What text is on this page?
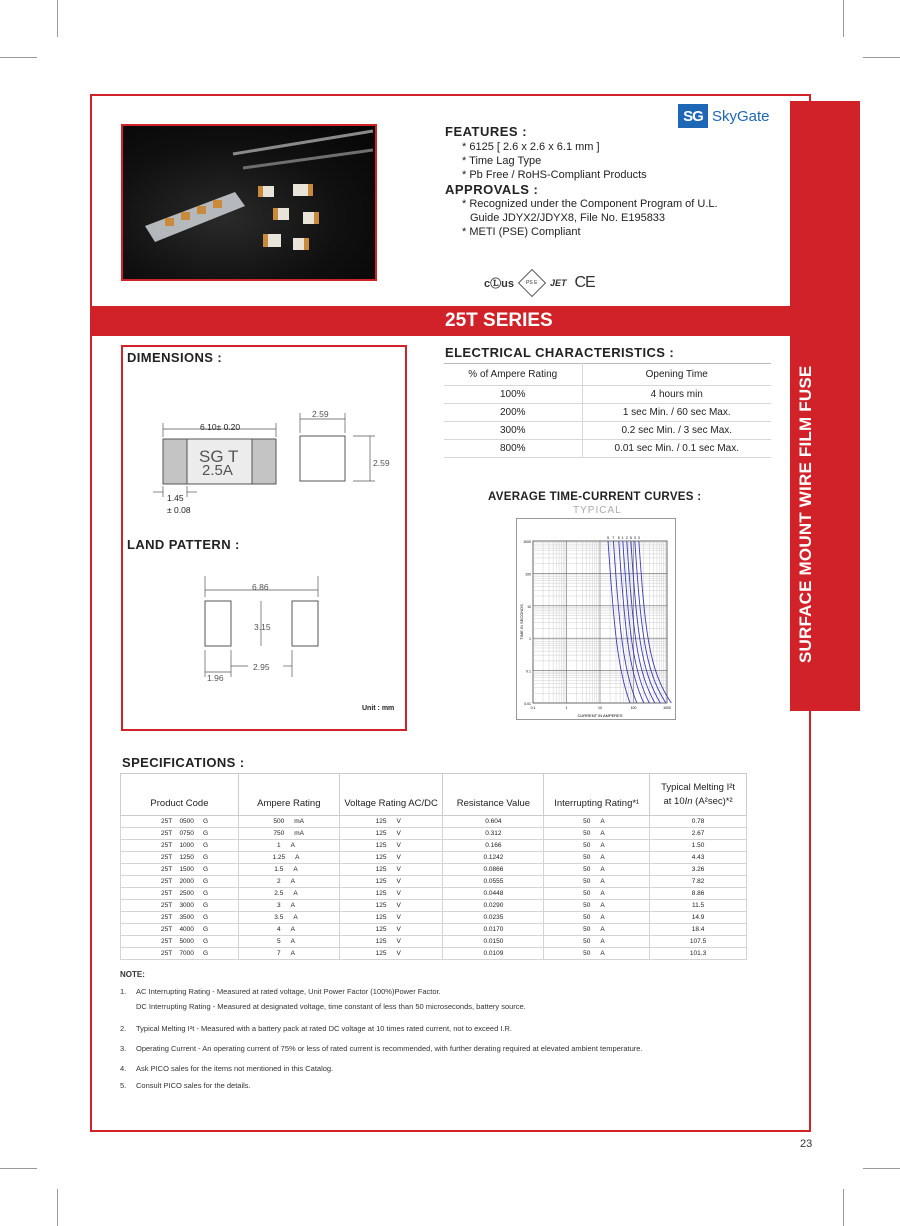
SG SkyGate
SURFACE MOUNT WIRE FILM FUSE
FEATURES :
* 6125 [ 2.6 x 2.6 x 6.1 mm ]
* Time Lag Type
* Pb Free / RoHS-Compliant Products
APPROVALS :
* Recognized under the Component Program of U.L.
Guide JDYX2/JDYX8, File No. E195833
* METI (PSE) Compliant
cⓁus PS E JET CE
25T SERIES
DIMENSIONS :
6.10± 0.20
SG T
2.5A
1.45
± 0.08
2.59
2.59
LAND PATTERN :
6.86
3.15
2.95
1.96
Unit : mm
ELECTRICAL CHARACTERISTICS :
% of Ampere Rating	Opening Time
100%	4 hours min
200%	1 sec Min. / 60 sec Max.
300%	0.2 sec Min. / 3 sec Max.
800%	0.01 sec Min. / 0.1 sec Max.
AVERAGE TIME-CURRENT CURVES :
TYPICAL
1000
100
10
1
0.1
0.01
0.1	1	10	100	1000
CURRENT IN AMPERES
TIME IN SECONDS
5 7 5 1 2 5 3 3
SPECIFICATIONS :
Product Code	Ampere Rating	Voltage Rating AC/DC	Resistance Value	Interrupting Rating*¹	Typical Melting I²t
at 10In (A²sec)*²
25T 0500 G	500 mA	125 V	0.604	50 A	0.78
25T 0750 G	750 mA	125 V	0.312	50 A	2.67
25T 1000 G	1 A	125 V	0.166	50 A	1.50
25T 1250 G	1.25 A	125 V	0.1242	50 A	4.43
25T 1500 G	1.5 A	125 V	0.0866	50 A	3.26
25T 2000 G	2 A	125 V	0.0555	50 A	7.82
25T 2500 G	2.5 A	125 V	0.0448	50 A	8.86
25T 3000 G	3 A	125 V	0.0290	50 A	11.5
25T 3500 G	3.5 A	125 V	0.0235	50 A	14.9
25T 4000 G	4 A	125 V	0.0170	50 A	18.4
25T 5000 G	5 A	125 V	0.0150	50 A	107.5
25T 7000 G	7 A	125 V	0.0109	50 A	101.3
NOTE:
1. AC Interrupting Rating - Measured at rated voltage, Unit Power Factor (100%)Power Factor.
DC Interrupting Rating - Measured at designated voltage, time constant of less than 50 microseconds, battery source.
2. Typical Melting I²t - Measured with a battery pack at rated DC voltage at 10 times rated current, not to exceed I.R.
3. Operating Current - An operating current of 75% or less of rated current is recommended, with further derating required at elevated ambient temperature.
4. Ask PICO sales for the items not mentioned in this Catalog.
5. Consult PICO sales for the details.
23
